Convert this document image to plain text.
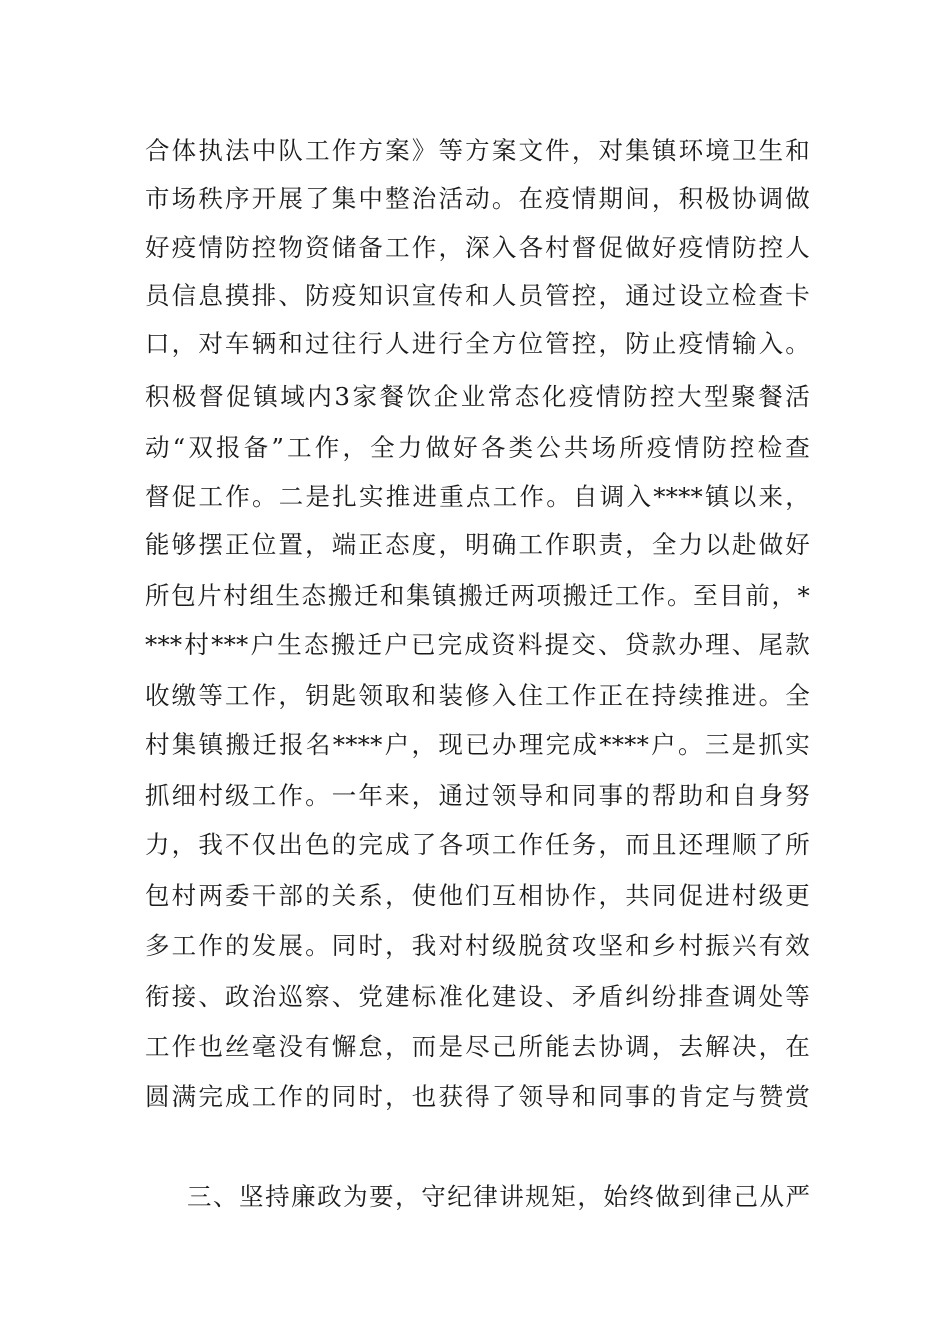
合体执法中队工作方案》等方案文件，对集镇环境卫生和
市场秩序开展了集中整治活动。在疫情期间，积极协调做
好疫情防控物资储备工作，深入各村督促做好疫情防控人
员信息摸排、防疫知识宣传和人员管控，通过设立检查卡
口，对车辆和过往行人进行全方位管控，防止疫情输入。
积极督促镇域内3家餐饮企业常态化疫情防控大型聚餐活
动“双报备”工作，全力做好各类公共场所疫情防控检查
督促工作。二是扎实推进重点工作。自调入****镇以来，
能够摆正位置，端正态度，明确工作职责，全力以赴做好
所包片村组生态搬迁和集镇搬迁两项搬迁工作。至目前，*
***村***户生态搬迁户已完成资料提交、贷款办理、尾款
收缴等工作，钥匙领取和装修入住工作正在持续推进。全
村集镇搬迁报名****户，现已办理完成****户。三是抓实
抓细村级工作。一年来，通过领导和同事的帮助和自身努
力，我不仅出色的完成了各项工作任务，而且还理顺了所
包村两委干部的关系，使他们互相协作，共同促进村级更
多工作的发展。同时，我对村级脱贫攻坚和乡村振兴有效
衔接、政治巡察、党建标准化建设、矛盾纠纷排查调处等
工作也丝毫没有懈怠，而是尽己所能去协调，去解决，在
圆满完成工作的同时，也获得了领导和同事的肯定与赞赏
三、坚持廉政为要，守纪律讲规矩，始终做到律己从严
